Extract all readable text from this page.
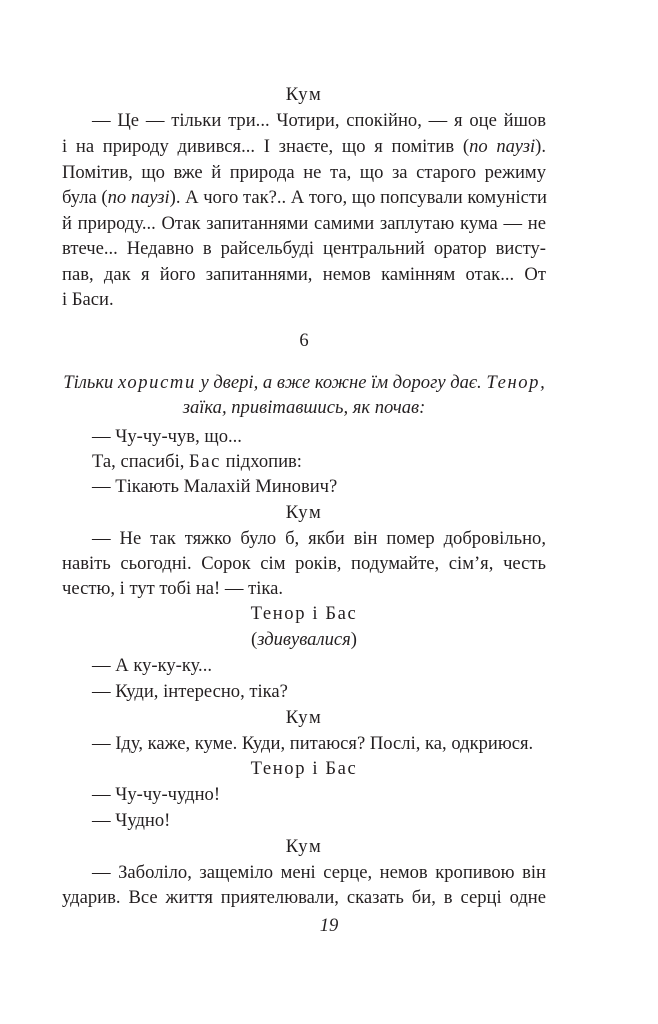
Кум
— Це — тільки три... Чотири, спокійно, — я оце йшов
і на природу дивився... І знаєте, що я помітив (по паузі).
Помітив, що вже й природа не та, що за старого режиму
була (по паузі). А чого так?.. А того, що попсували комуністи
й природу... Отак запитаннями самими заплутаю кума — не
втече... Недавно в райсельбуді центральний оратор висту-
пав, дак я його запитаннями, немов камінням отак... От
і Баси.
6
Тільки хористи у двері, а вже кожне їм дорогу дає. Тенор,
заїка, привітавшись, як почав:
— Чу-чу-чув, що...
Та, спасибі, Бас підхопив:
— Тікають Малахій Минович?
Кум
— Не так тяжко було б, якби він помер добровільно,
навіть сьогодні. Сорок сім років, подумайте, сім’я, честь
честю, і тут тобі на! — тіка.
Тенор і Бас
(здивувалися)
— А ку-ку-ку...
— Куди, інтересно, тіка?
Кум
— Іду, каже, куме. Куди, питаюся? Послі, ка, одкриюся.
Тенор і Бас
— Чу-чу-чудно!
— Чудно!
Кум
— Заболіло, защеміло мені серце, немов кропивою він
ударив. Все життя приятелювали, сказать би, в серці одне
19
